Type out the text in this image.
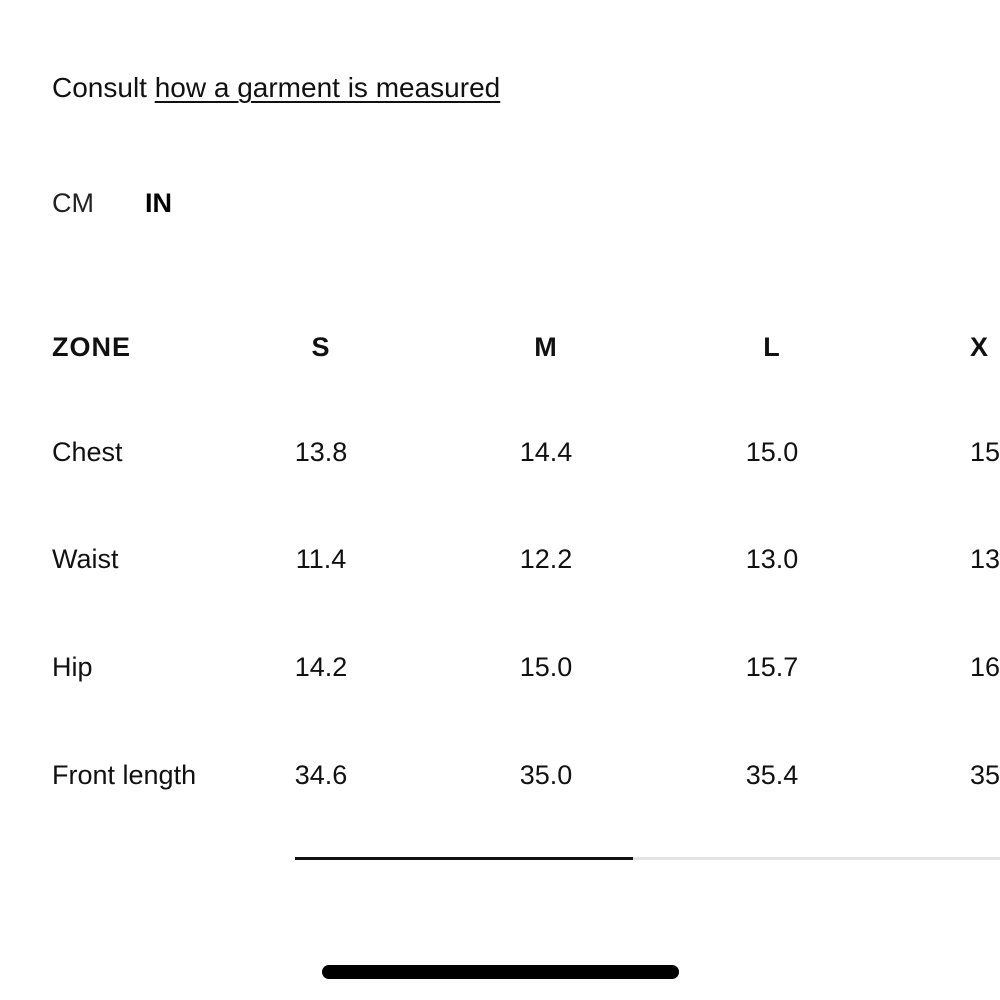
Consult how a garment is measured
CM	IN
ZONE	S	M	L	X
Chest	13.8	14.4	15.0	15
Waist	11.4	12.2	13.0	13
Hip	14.2	15.0	15.7	16
Front length	34.6	35.0	35.4	35
